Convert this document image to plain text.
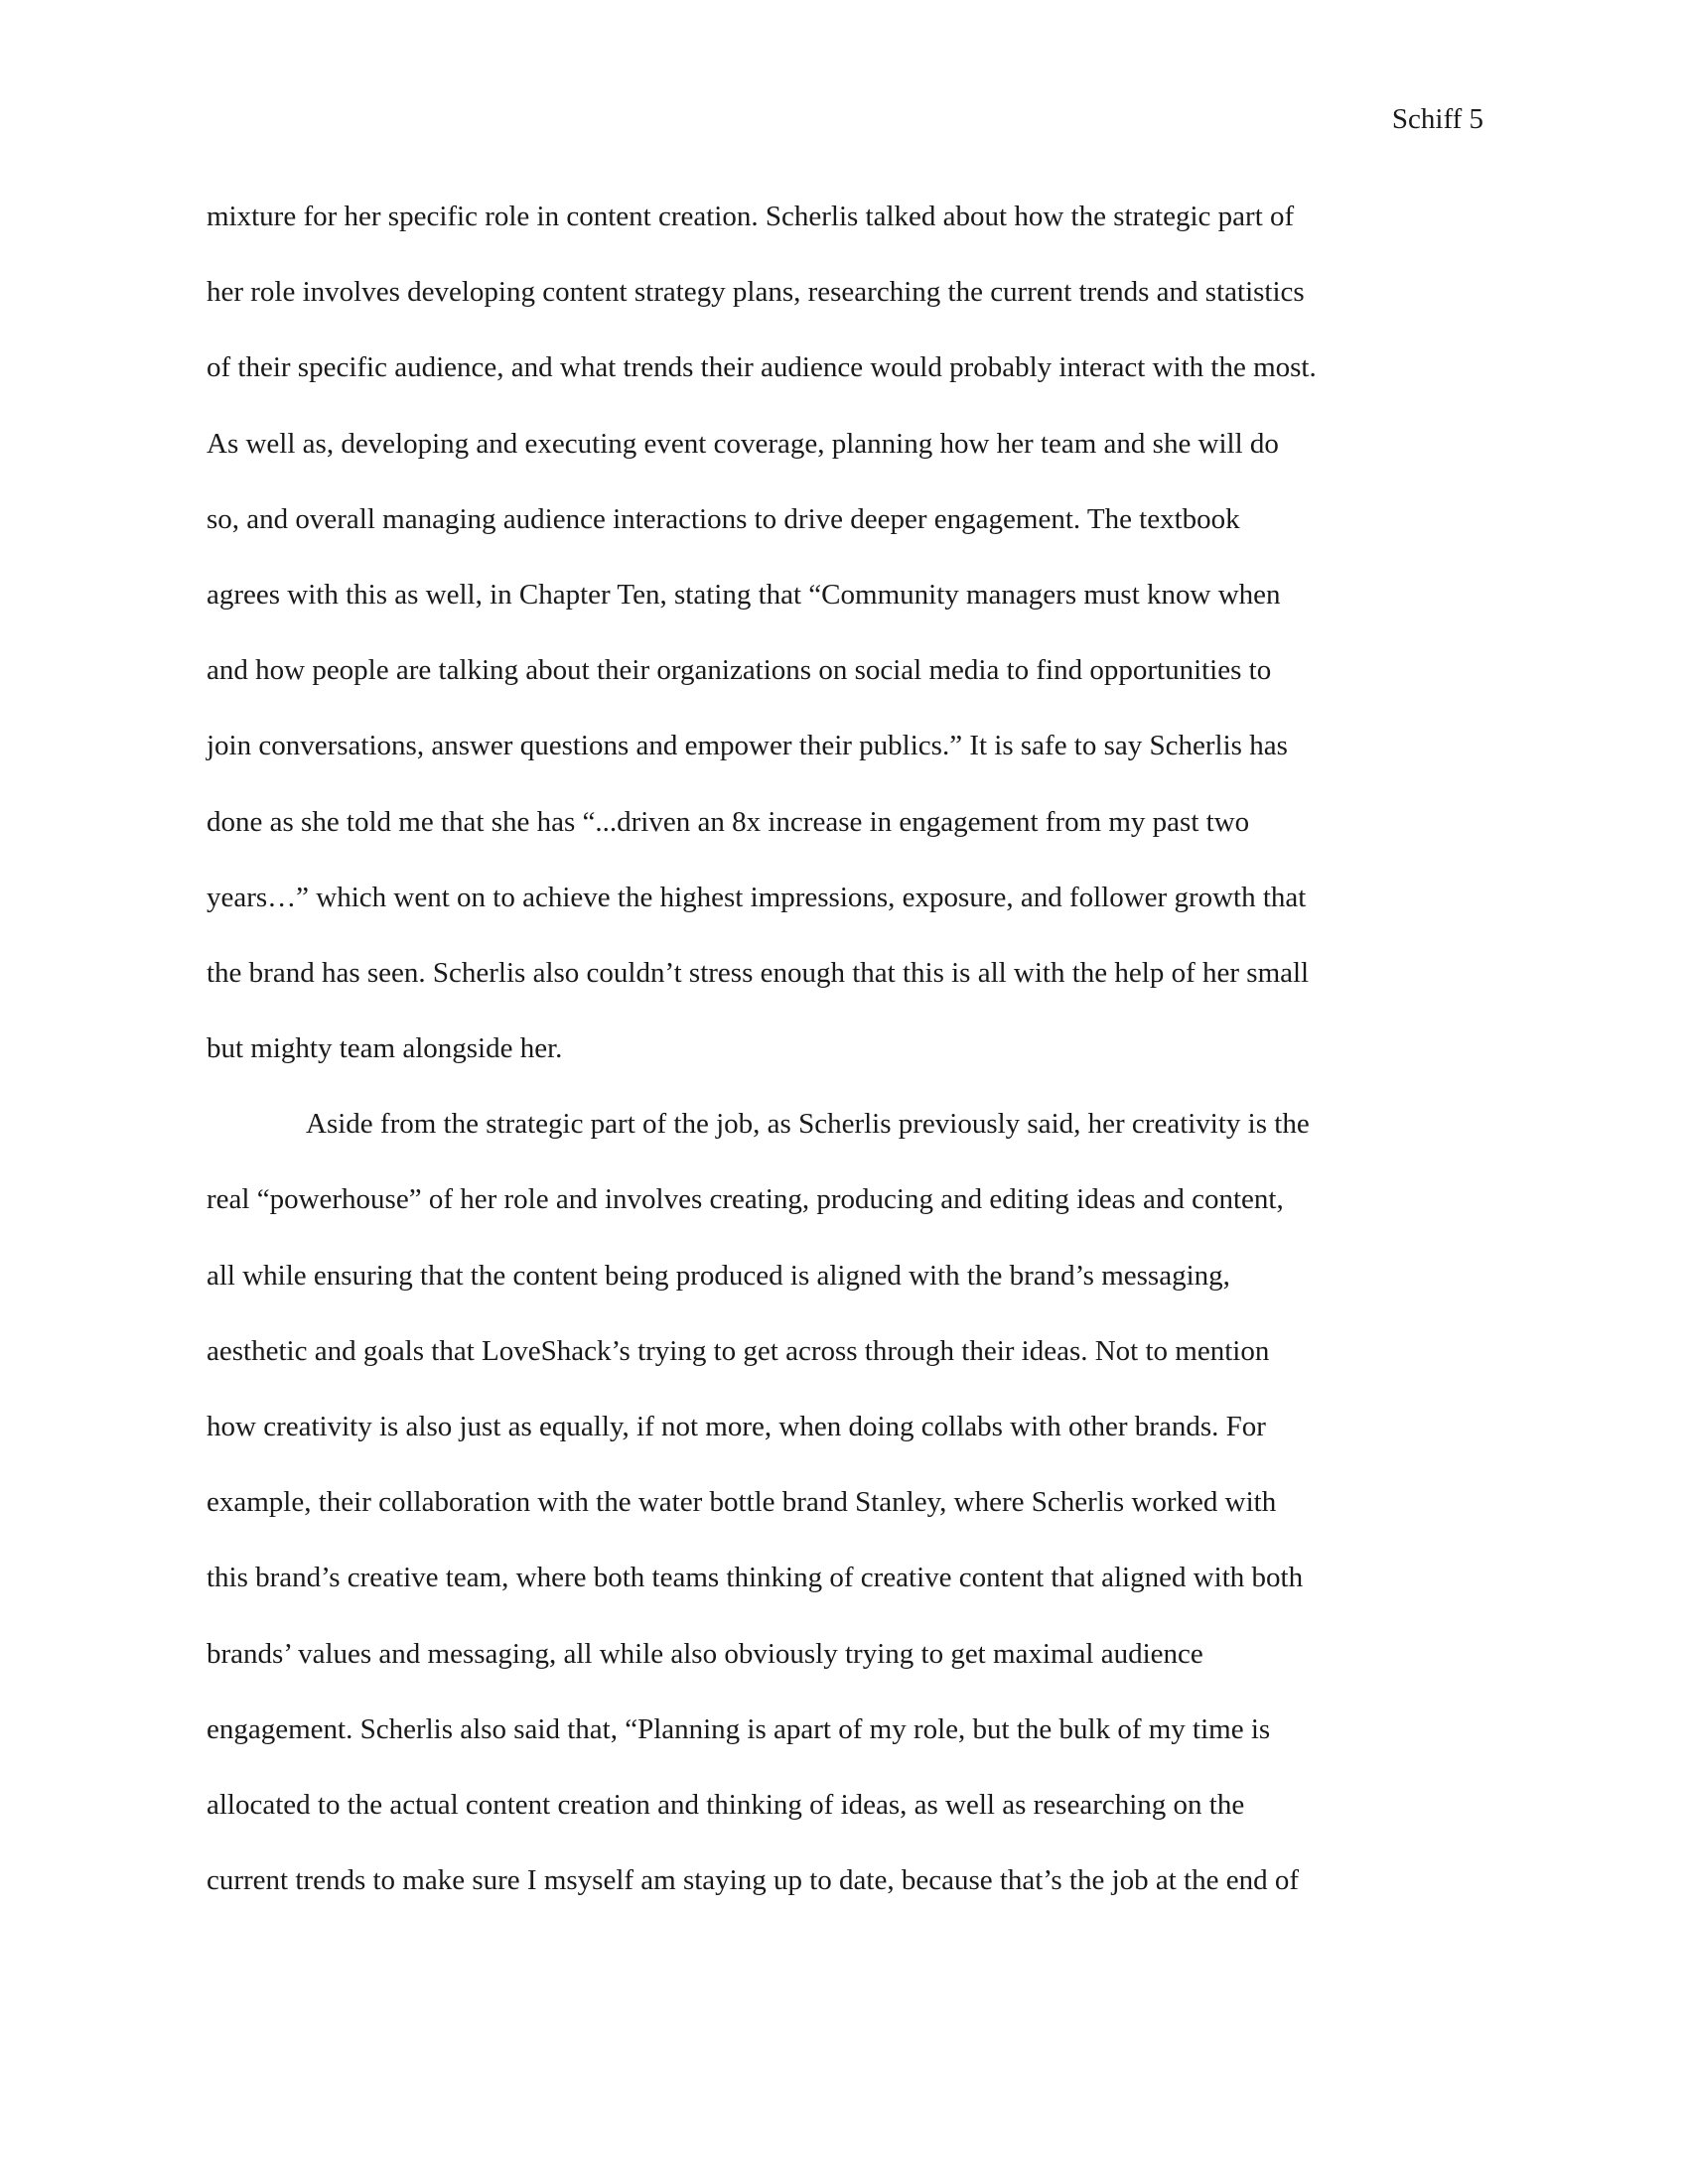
Schiff 5
mixture for her specific role in content creation. Scherlis talked about how the strategic part of
her role involves developing content strategy plans, researching the current trends and statistics
of their specific audience, and what trends their audience would probably interact with the most.
As well as, developing and executing event coverage, planning how her team and she will do
so, and overall managing audience interactions to drive deeper engagement. The textbook
agrees with this as well, in Chapter Ten, stating that “Community managers must know when
and how people are talking about their organizations on social media to find opportunities to
join conversations, answer questions and empower their publics.” It is safe to say Scherlis has
done as she told me that she has “...driven an 8x increase in engagement from my past two
years…” which went on to achieve the highest impressions, exposure, and follower growth that
the brand has seen. Scherlis also couldn’t stress enough that this is all with the help of her small
but mighty team alongside her.
Aside from the strategic part of the job, as Scherlis previously said, her creativity is the
real “powerhouse” of her role and involves creating, producing and editing ideas and content,
all while ensuring that the content being produced is aligned with the brand’s messaging,
aesthetic and goals that LoveShack’s trying to get across through their ideas. Not to mention
how creativity is also just as equally, if not more, when doing collabs with other brands. For
example, their collaboration with the water bottle brand Stanley, where Scherlis worked with
this brand’s creative team, where both teams thinking of creative content that aligned with both
brands’ values and messaging, all while also obviously trying to get maximal audience
engagement. Scherlis also said that, “Planning is apart of my role, but the bulk of my time is
allocated to the actual content creation and thinking of ideas, as well as researching on the
current trends to make sure I msyself am staying up to date, because that’s the job at the end of
